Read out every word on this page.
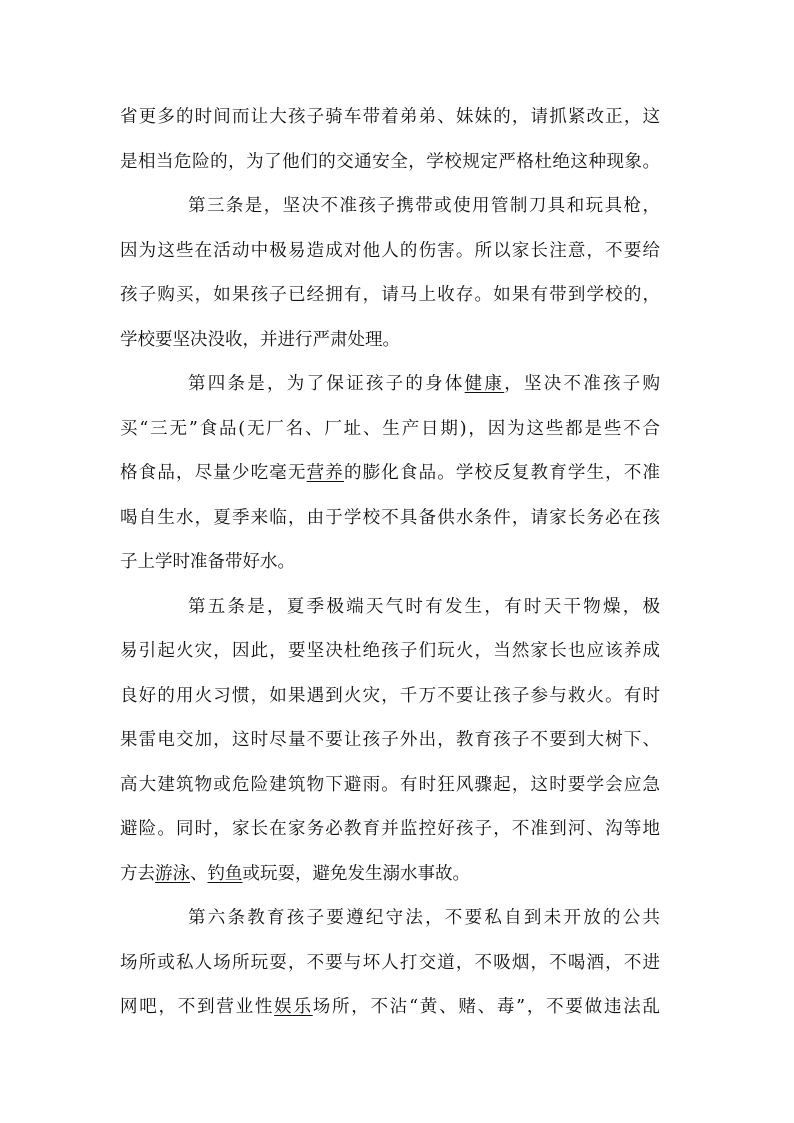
省更多的时间而让大孩子骑车带着弟弟、妹妹的，请抓紧改正，这
是相当危险的，为了他们的交通安全，学校规定严格杜绝这种现象。
第三条是，坚决不准孩子携带或使用管制刀具和玩具枪，
因为这些在活动中极易造成对他人的伤害。所以家长注意，不要给
孩子购买，如果孩子已经拥有，请马上收存。如果有带到学校的，
学校要坚决没收，并进行严肃处理。
第四条是，为了保证孩子的身体健康，坚决不准孩子购
买“三无”食品(无厂名、厂址、生产日期)，因为这些都是些不合
格食品，尽量少吃毫无营养的膨化食品。学校反复教育学生，不准
喝自生水，夏季来临，由于学校不具备供水条件，请家长务必在孩
子上学时准备带好水。
第五条是，夏季极端天气时有发生，有时天干物燥，极
易引起火灾，因此，要坚决杜绝孩子们玩火，当然家长也应该养成
良好的用火习惯，如果遇到火灾，千万不要让孩子参与救火。有时
果雷电交加，这时尽量不要让孩子外出，教育孩子不要到大树下、
高大建筑物或危险建筑物下避雨。有时狂风骤起，这时要学会应急
避险。同时，家长在家务必教育并监控好孩子，不准到河、沟等地
方去游泳、钓鱼或玩耍，避免发生溺水事故。
第六条教育孩子要遵纪守法，不要私自到未开放的公共
场所或私人场所玩耍，不要与坏人打交道，不吸烟，不喝酒，不进
网吧，不到营业性娱乐场所，不沾“黄、赌、毒”，不要做违法乱
